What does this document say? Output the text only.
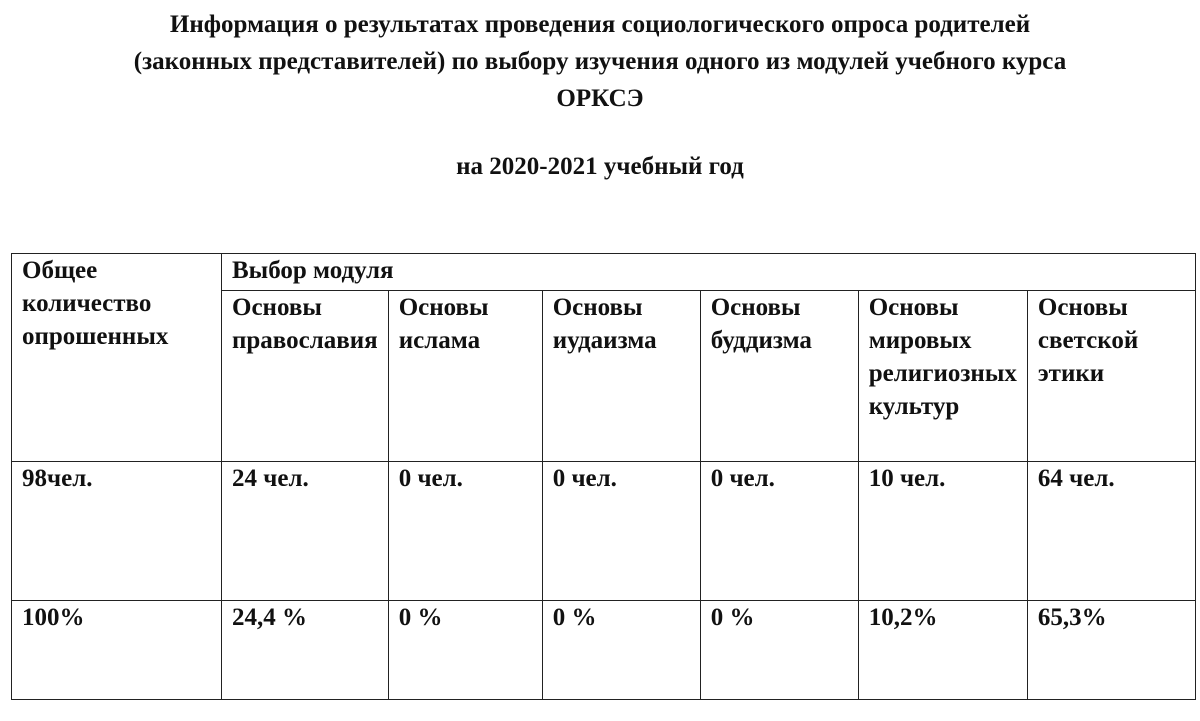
Информация о результатах проведения социологического опроса родителей
(законных представителей) по выбору изучения одного из модулей учебного курса
ОРКСЭ
на 2020-2021 учебный год
Общее количество опрошенных	Выбор модуля					
	Основы православия	Основы ислама	Основы иудаизма	Основы буддизма	Основы мировых религиозных культур	Основы светской этики
98чел.	24 чел.	0 чел.	0 чел.	0 чел.	10 чел.	64 чел.
100%	24,4 %	0 %	0 %	0 %	10,2%	65,3%
